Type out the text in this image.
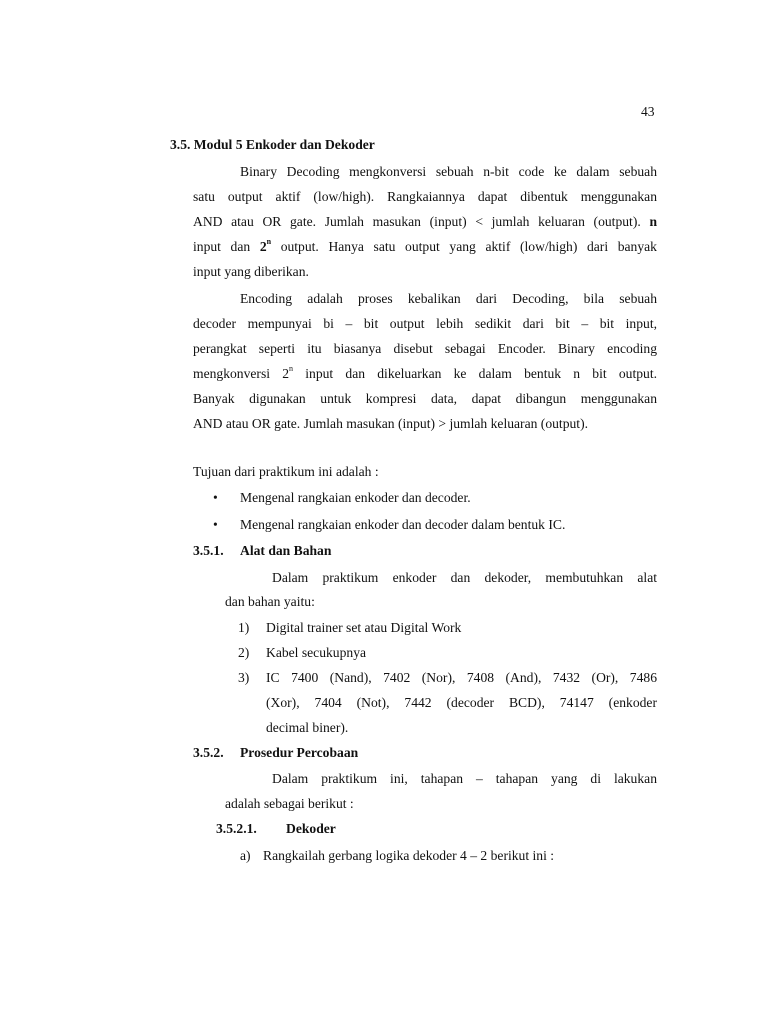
43
3.5. Modul 5 Enkoder dan Dekoder
Binary Decoding mengkonversi sebuah n-bit code ke dalam sebuah
satu output aktif (low/high). Rangkaiannya dapat dibentuk menggunakan
AND atau OR gate. Jumlah masukan (input) < jumlah keluaran (output). n
input dan 2$^n$ output. Hanya satu output yang aktif (low/high) dari banyak
input yang diberikan.
Encoding adalah proses kebalikan dari Decoding, bila sebuah
decoder mempunyai bi – bit output lebih sedikit dari bit – bit input,
perangkat seperti itu biasanya disebut sebagai Encoder. Binary encoding
mengkonversi 2$^n$ input dan dikeluarkan ke dalam bentuk n bit output.
Banyak digunakan untuk kompresi data, dapat dibangun menggunakan
AND atau OR gate. Jumlah masukan (input) > jumlah keluaran (output).
Tujuan dari praktikum ini adalah :
• Mengenal rangkaian enkoder dan decoder.
• Mengenal rangkaian enkoder dan decoder dalam bentuk IC.
3.5.1. Alat dan Bahan
Dalam praktikum enkoder dan dekoder, membutuhkan alat
dan bahan yaitu:
1) Digital trainer set atau Digital Work
2) Kabel secukupnya
3) IC 7400 (Nand), 7402 (Nor), 7408 (And), 7432 (Or), 7486
(Xor), 7404 (Not), 7442 (decoder BCD), 74147 (enkoder
decimal biner).
3.5.2. Prosedur Percobaan
Dalam praktikum ini, tahapan – tahapan yang di lakukan
adalah sebagai berikut :
3.5.2.1. Dekoder
a) Rangkailah gerbang logika dekoder 4 – 2 berikut ini :
